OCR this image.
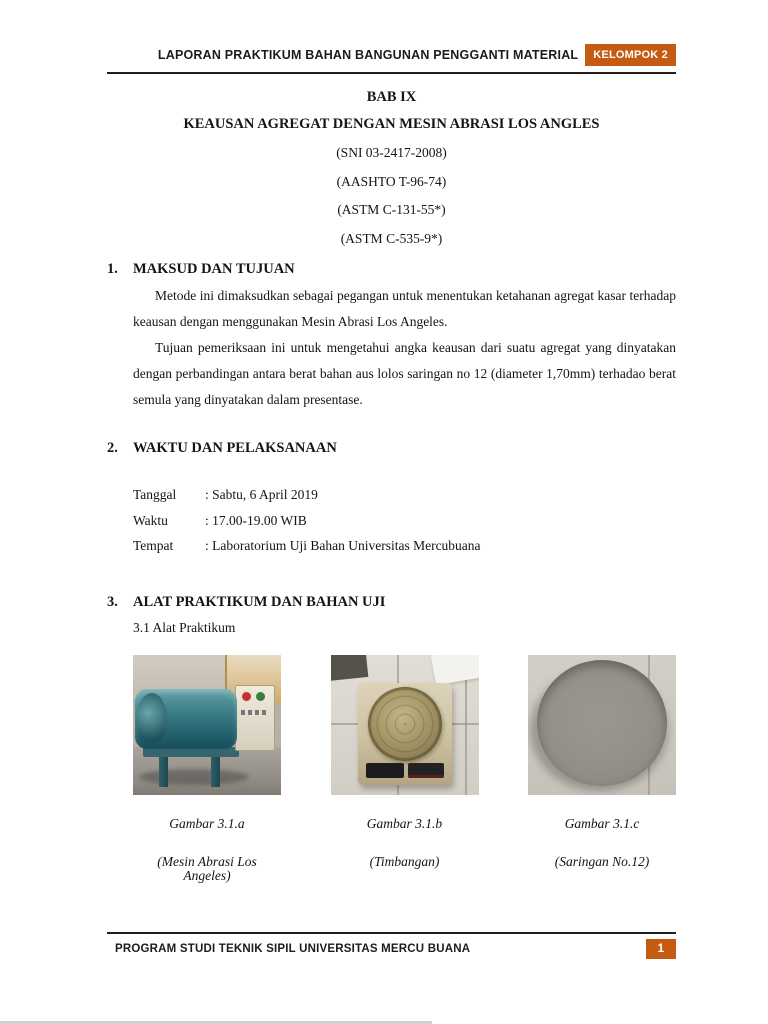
LAPORAN PRAKTIKUM BAHAN BANGUNAN PENGGANTI MATERIAL	KELOMPOK 2
BAB IX
KEAUSAN AGREGAT DENGAN MESIN ABRASI LOS ANGLES

(SNI 03-2417-2008)

(AASHTO T-96-74)

(ASTM C-131-55*)

(ASTM C-535-9*)

1.	MAKSUD DAN TUJUAN

Metode ini dimaksudkan sebagai pegangan untuk menentukan ketahanan agregat kasar terhadap keausan dengan menggunakan Mesin Abrasi Los Angeles.

Tujuan pemeriksaan ini untuk mengetahui angka keausan dari suatu agregat yang dinyatakan dengan perbandingan antara berat bahan aus lolos saringan no 12 (diameter 1,70mm) terhadao berat semula yang dinyatakan dalam presentase.

2.	WAKTU DAN PELAKSANAAN
Tanggal	: Sabtu, 6 April 2019
Waktu	: 17.00-19.00 WIB
Tempat	: Laboratorium Uji Bahan Universitas Mercubuana
3.	ALAT PRAKTIKUM DAN BAHAN UJI
3.1 Alat Praktikum
Gambar 3.1.a
(Mesin Abrasi Los Angeles)
Gambar 3.1.b
(Timbangan)
Gambar 3.1.c
(Saringan No.12)
PROGRAM STUDI TEKNIK SIPIL UNIVERSITAS MERCU BUANA	1
